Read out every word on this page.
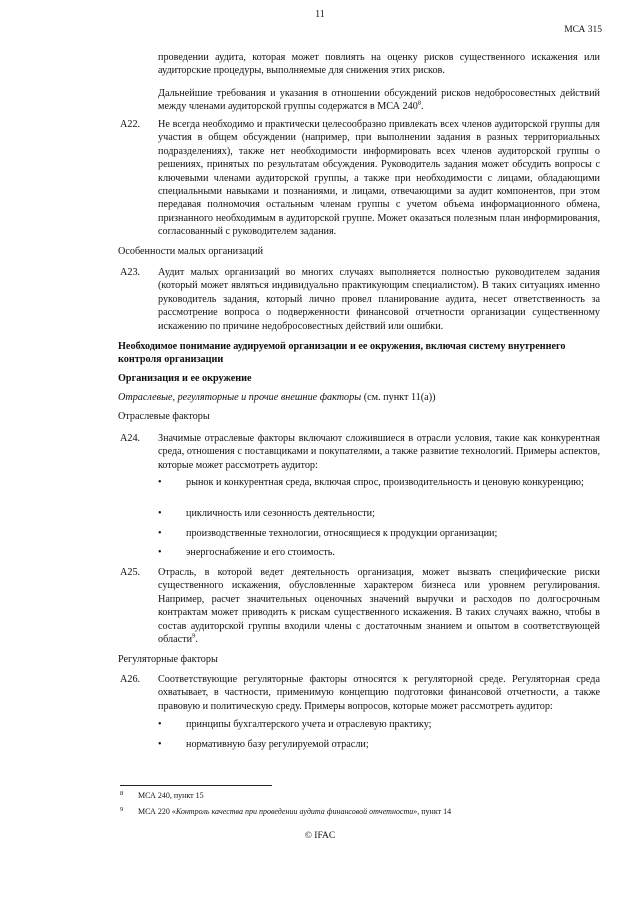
11
МСА 315
проведении аудита, которая может повлиять на оценку рисков существенного искажения или аудиторские процедуры, выполняемые для снижения этих рисков.
Дальнейшие требования и указания в отношении обсуждений рисков недобросовестных действий между членами аудиторской группы содержатся в МСА $240^8$.
A22.	Не всегда необходимо и практически целесообразно привлекать всех членов аудиторской группы для участия в общем обсуждении (например, при выполнении задания в разных территориальных подразделениях), также нет необходимости информировать всех членов аудиторской группы о решениях, принятых по результатам обсуждения. Руководитель задания может обсудить вопросы с ключевыми членами аудиторской группы, а также при необходимости с лицами, обладающими специальными навыками и познаниями, и лицами, отвечающими за аудит компонентов, при этом передавая полномочия остальным членам группы с учетом объема информационного обмена, признанного необходимым в аудиторской группе. Может оказаться полезным план информирования, согласованный с руководителем задания.
Особенности малых организаций
A23.	Аудит малых организаций во многих случаях выполняется полностью руководителем задания (который может являться индивидуально практикующим специалистом). В таких ситуациях именно руководитель задания, который лично провел планирование аудита, несет ответственность за рассмотрение вопроса о подверженности финансовой отчетности организации существенному искажению по причине недобросовестных действий или ошибки.
Необходимое понимание аудируемой организации и ее окружения, включая систему внутреннего контроля организации
Организация и ее окружение
Отраслевые, регуляторные и прочие внешние факторы (см. пункт 11(a))
Отраслевые факторы
A24.	Значимые отраслевые факторы включают сложившиеся в отрасли условия, такие как конкурентная среда, отношения с поставщиками и покупателями, а также развитие технологий. Примеры аспектов, которые может рассмотреть аудитор:
• рынок и конкурентная среда, включая спрос, производительность и ценовую конкуренцию;
• цикличность или сезонность деятельности;
• производственные технологии, относящиеся к продукции организации;
• энергоснабжение и его стоимость.
A25.	Отрасль, в которой ведет деятельность организация, может вызвать специфические риски существенного искажения, обусловленные характером бизнеса или уровнем регулирования. Например, расчет значительных оценочных значений выручки и расходов по долгосрочным контрактам может приводить к рискам существенного искажения. В таких случаях важно, чтобы в состав аудиторской группы входили члены с достаточным знанием и опытом в соответствующей области$^9$.
Регуляторные факторы
A26.	Соответствующие регуляторные факторы относятся к регуляторной среде. Регуляторная среда охватывает, в частности, применимую концепцию подготовки финансовой отчетности, а также правовую и политическую среду. Примеры вопросов, которые может рассмотреть аудитор:
• принципы бухгалтерского учета и отраслевую практику;
• нормативную базу регулируемой отрасли;
8 МСА 240, пункт 15
9 МСА 220 «Контроль качества при проведении аудита финансовой отчетности», пункт 14
© IFAC
